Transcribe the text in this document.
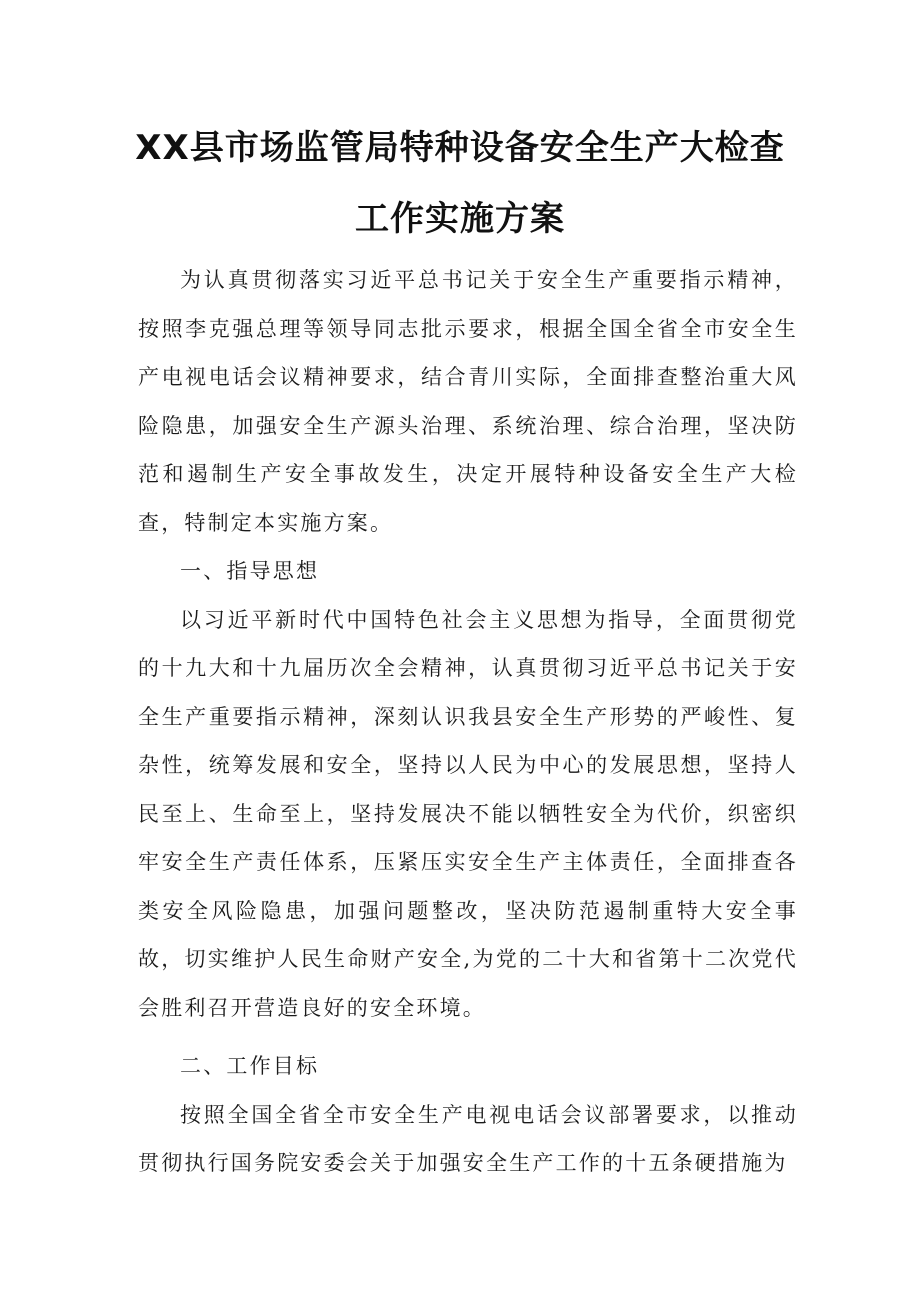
XX县市场监管局特种设备安全生产大检查
工作实施方案

为认真贯彻落实习近平总书记关于安全生产重要指示精神，按照李克强总理等领导同志批示要求，根据全国全省全市安全生产电视电话会议精神要求，结合青川实际，全面排查整治重大风险隐患，加强安全生产源头治理、系统治理、综合治理，坚决防范和遏制生产安全事故发生，决定开展特种设备安全生产大检查，特制定本实施方案。

一、指导思想

以习近平新时代中国特色社会主义思想为指导，全面贯彻党的十九大和十九届历次全会精神，认真贯彻习近平总书记关于安全生产重要指示精神，深刻认识我县安全生产形势的严峻性、复杂性，统筹发展和安全，坚持以人民为中心的发展思想，坚持人民至上、生命至上，坚持发展决不能以牺牲安全为代价，织密织牢安全生产责任体系，压紧压实安全生产主体责任，全面排查各类安全风险隐患，加强问题整改，坚决防范遏制重特大安全事故，切实维护人民生命财产安全,为党的二十大和省第十二次党代会胜利召开营造良好的安全环境。

二、工作目标

按照全国全省全市安全生产电视电话会议部署要求，以推动贯彻执行国务院安委会关于加强安全生产工作的十五条硬措施为
